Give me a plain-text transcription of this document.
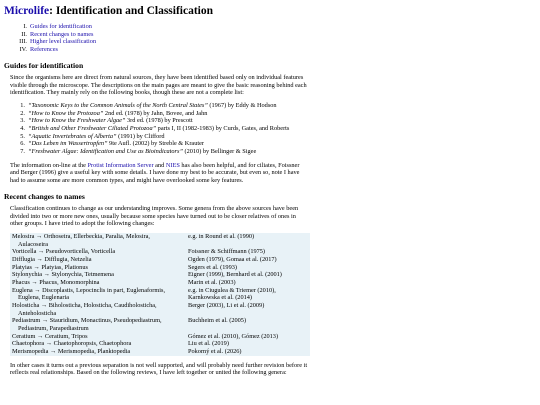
Microlife: Identification and Classification
I. Guides for identification
II. Recent changes to names
III. Higher level classification
IV. References
Guides for identification

Since the organisms here are direct from natural sources, they have been identified based only on individual features visible through the microscope. The descriptions on the main pages are meant to give the basic reasoning behind each identification. They mainly rely on the following books, though these are not a complete list:

1. “Taxonomic Keys to the Common Animals of the North Central States” (1967) by Eddy & Hodson
2. “How to Know the Protozoa” 2nd ed. (1978) by Jahn, Bovee, and Jahn
3. “How to Know the Freshwater Algae” 3rd ed. (1978) by Prescott
4. “British and Other Freshwater Ciliated Protozoa” parts I, II (1982-1983) by Curds, Gates, and Roberts
5. “Aquatic Invertebrates of Alberta” (1991) by Clifford
6. “Das Leben im Wassertropfen” 9te Aufl. (2002) by Streble & Krauter
7. “Freshwater Algae: Identification and Use as Bioindicators” (2010) by Bellinger & Sigee

The information on-line at the Protist Information Server and NIES has also been helpful, and for ciliates, Foissner and Berger (1996) give a useful key with some details. I have done my best to be accurate, but even so, note I have had to assume some are more common types, and might have overlooked some key features.

Recent changes to names

Classification continues to change as our understanding improves. Some genera from the above sources have been divided into two or more new ones, usually because some species have turned out to be closer relatives of ones in other groups. I have tried to adopt the following changes:

Melosira → Orthoseira, Ellerbeckia, Paralia, Melosira,	e.g. in Round et al. (1990)
Aulacoseira	
Vorticella → Pseudovorticella, Vorticella	Foissner & Schiffmann (1975)
Difflugia → Difflugia, Netzelia	Ogden (1979), Gomaa et al. (2017)
Platyias → Platyias, Plationus	Segers et al. (1993)
Stylonychia → Stylonychia, Tetmemena	Eigner (1999), Bernhard et al. (2001)
Phacus → Phacus, Monomorphina	Marin et al. (2003)
Euglena → Discoplastis, Lepocinclis in part, Euglenaformis,	e.g. in Ciugulea & Triemer (2010),
Euglena, Euglenaria	Karnkowska et al. (2014)
Holosticha → Biholosticha, Holosticha, Caudiholosticha,	Berger (2003), Li et al. (2009)
Anteholosticha	
Pediastrum → Stauridium, Monactinus, Pseudopediastrum,	Buchheim et al. (2005)
Pediastrum, Parapediastrum	
Ceratium → Ceratium, Tripos	Gómez et al. (2010), Gómez (2013)
Chaetophora → Chaetophoropsis, Chaetophora	Liu et al. (2019)
Merismopedia → Merismopedia, Planktopedia	Pokorný et al. (2026)

In other cases it turns out a previous separation is not well supported, and will probably need further revision before it reflects real relationships. Based on the following reviews, I have left together or united the following genera:
